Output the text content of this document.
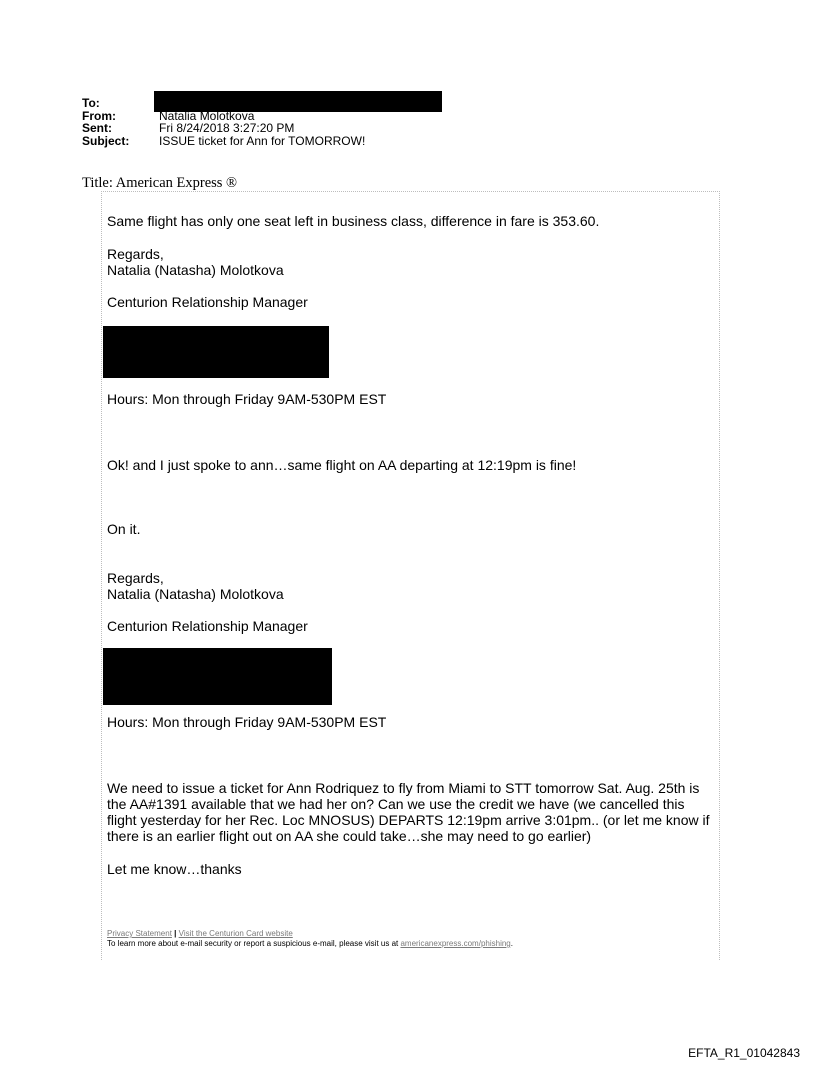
To:
From:	Natalia Molotkova
Sent:	Fri 8/24/2018 3:27:20 PM
Subject:	ISSUE ticket for Ann for TOMORROW!
Title: American Express ®
Same flight has only one seat left in business class, difference in fare is 353.60.
Regards,
Natalia (Natasha) Molotkova
Centurion Relationship Manager
Hours: Mon through Friday 9AM-530PM EST
Ok! and I just spoke to ann…same flight on AA departing at 12:19pm is fine!
On it.
Regards,
Natalia (Natasha) Molotkova
Centurion Relationship Manager
Hours: Mon through Friday 9AM-530PM EST
We need to issue a ticket for Ann Rodriquez to fly from Miami to STT tomorrow Sat. Aug. 25th is
the AA#1391 available that we had her on? Can we use the credit we have (we cancelled this
flight yesterday for her Rec. Loc MNOSUS) DEPARTS 12:19pm arrive 3:01pm.. (or let me know if
there is an earlier flight out on AA she could take…she may need to go earlier)
Let me know…thanks
Privacy Statement | Visit the Centurion Card website
To learn more about e-mail security or report a suspicious e-mail, please visit us at americanexpress.com/phishing.
EFTA_R1_01042843
